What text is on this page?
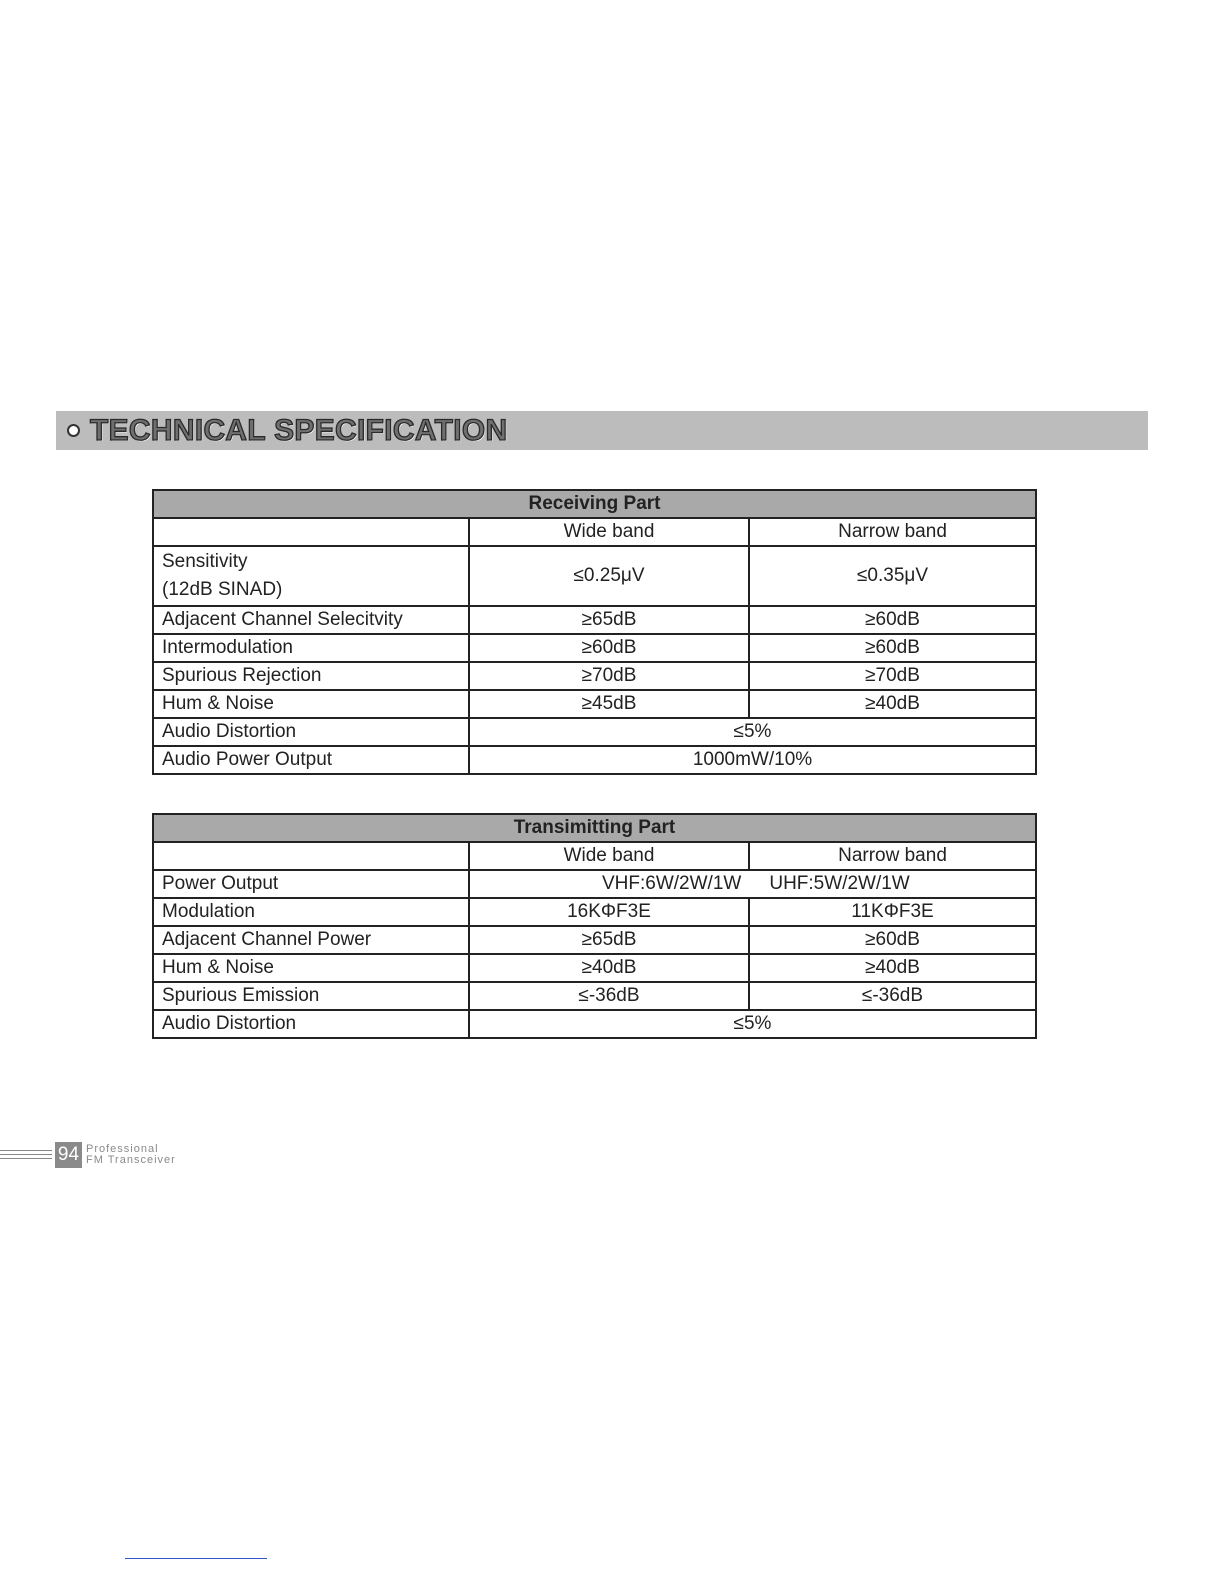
TECHNICAL SPECIFICATION
Receiving Part		
	Wide band	Narrow band

Sensitivity
(12dB SINAD)	≤0.25μV	≤0.35μV
Adjacent Channel Selecitvity	≥65dB	≥60dB
Intermodulation	≥60dB	≥60dB
Spurious Rejection	≥70dB	≥70dB
Hum & Noise	≥45dB	≥40dB
Audio Distortion	≤5%	
Audio Power Output	1000mW/10%	
Transimitting Part		
	Wide band	Narrow band
Power Output	VHF:6W/2W/1W UHF:5W/2W/1W	
Modulation	16KΦF3E	11KΦF3E
Adjacent Channel Power	≥65dB	≥60dB
Hum & Noise	≥40dB	≥40dB
Spurious Emission	≤-36dB	≤-36dB
Audio Distortion	≤5%	
94 Professional
FM Transceiver
